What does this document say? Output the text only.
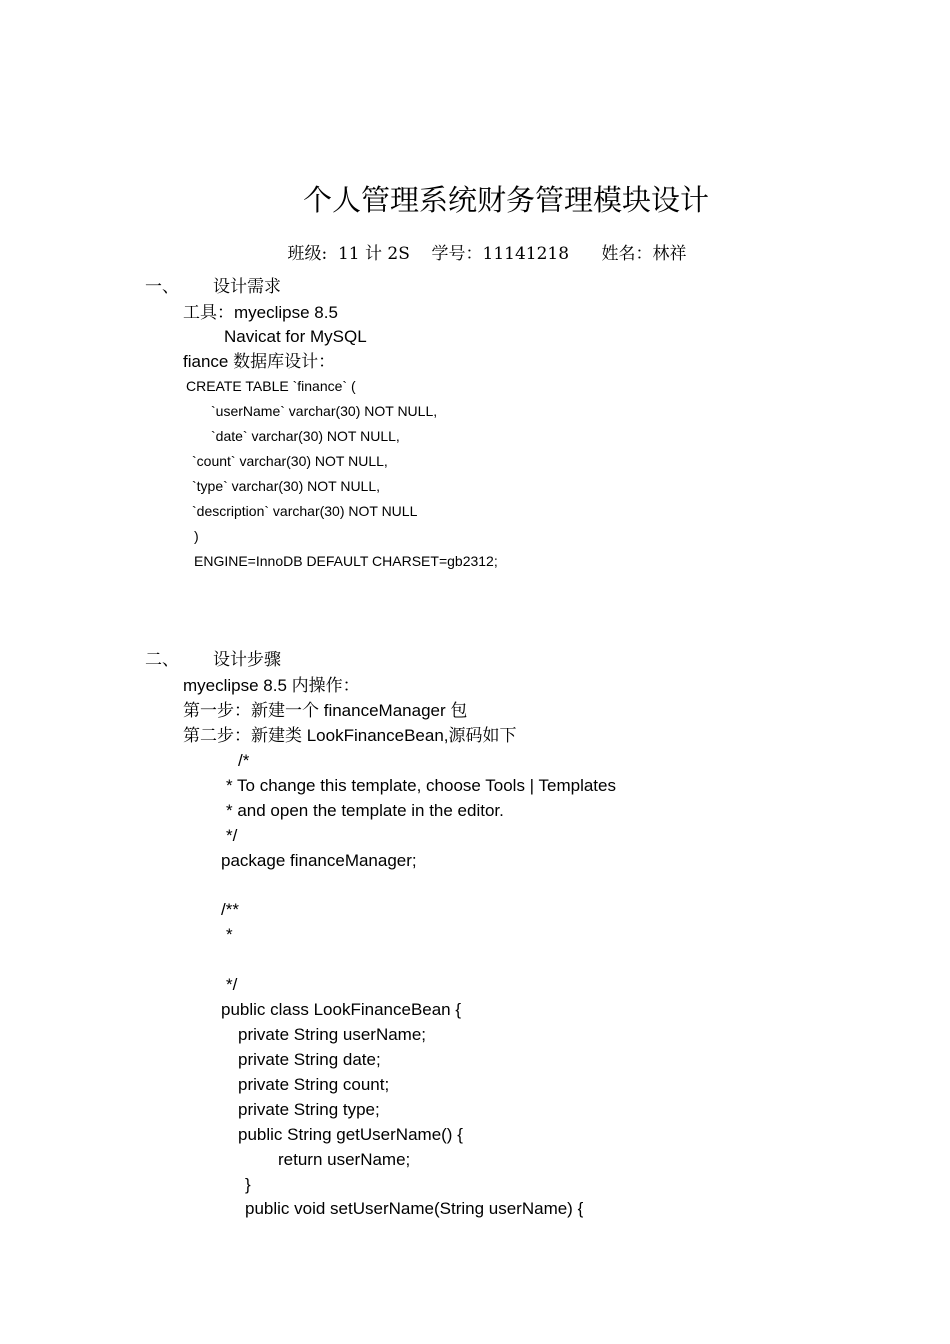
个人管理系统财务管理模块设计

班级:  11 计 2S    学号：11141218      姓名：林祥

一、 设计需求
工具：myeclipse 8.5
Navicat for MySQL
fiance 数据库设计：
CREATE TABLE `finance` (
`userName` varchar(30) NOT NULL,
`date` varchar(30) NOT NULL,
`count` varchar(30) NOT NULL,
`type` varchar(30) NOT NULL,
`description` varchar(30) NOT NULL
)
ENGINE=InnoDB DEFAULT CHARSET=gb2312;
二、 设计步骤
myeclipse 8.5 内操作：
第一步：新建一个 financeManager 包
第二步：新建类 LookFinanceBean,源码如下
/*
* To change this template, choose Tools | Templates
* and open the template in the editor.
*/
package financeManager;
/**
*
*/
public class LookFinanceBean {
private String userName;
private String date;
private String count;
private String type;
public String getUserName() {
return userName;
}
public void setUserName(String userName) {
